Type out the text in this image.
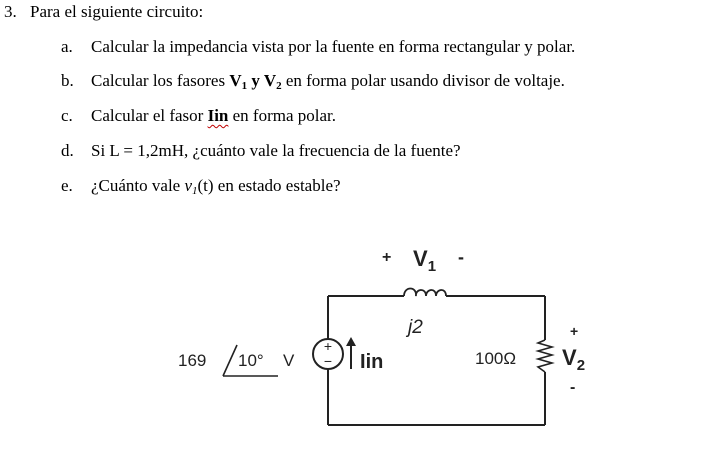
3. Para el siguiente circuito:
a. Calcular la impedancia vista por la fuente en forma rectangular y polar.
b. Calcular los fasores $V_1$ y $V_2$ en forma polar usando divisor de voltaje.
c. Calcular el fasor Iin en forma polar.
d. Si L = 1,2mH, ¿cuánto vale la frecuencia de la fuente?
e. ¿Cuánto vale $v_1(t)$ en estado estable?
+
−
+ $V_1$ -
j2
169 10° V	Iin	100Ω
+
$V_2$
-
